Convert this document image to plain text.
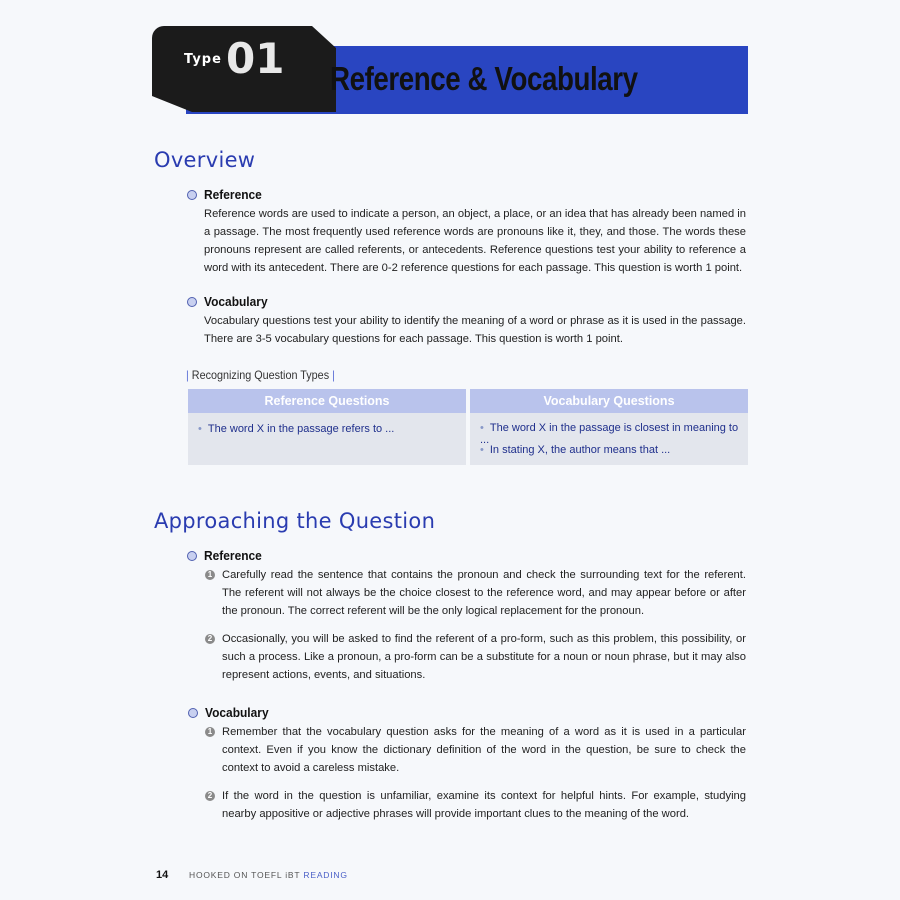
Type 01 Reference & Vocabulary
Overview
Reference

Reference words are used to indicate a person, an object, a place, or an idea that has already been named in a passage. The most frequently used reference words are pronouns like it, they, and those. The words these pronouns represent are called referents, or antecedents. Reference questions test your ability to reference a word with its antecedent. There are 0-2 reference questions for each passage. This question is worth 1 point.

Vocabulary

Vocabulary questions test your ability to identify the meaning of a word or phrase as it is used in the passage. There are 3-5 vocabulary questions for each passage. This question is worth 1 point.

| Recognizing Question Types |
Reference Questions
• The word X in the passage refers to ...
Vocabulary Questions
• The word X in the passage is closest in meaning to ...
• In stating X, the author means that ...
Approaching the Question
Reference
1 Carefully read the sentence that contains the pronoun and check the surrounding text for the referent. The referent will not always be the choice closest to the reference word, and may appear before or after the pronoun. The correct referent will be the only logical replacement for the pronoun.

2 Occasionally, you will be asked to find the referent of a pro-form, such as this problem, this possibility, or such a process. Like a pronoun, a pro-form can be a substitute for a noun or noun phrase, but it may also represent actions, events, and situations.

Vocabulary
1 Remember that the vocabulary question asks for the meaning of a word as it is used in a particular context. Even if you know the dictionary definition of the word in the question, be sure to check the context to avoid a careless mistake.

2 If the word in the question is unfamiliar, examine its context for helpful hints. For example, studying nearby appositive or adjective phrases will provide important clues to the meaning of the word.

14 HOOKED ON TOEFL iBT READING
